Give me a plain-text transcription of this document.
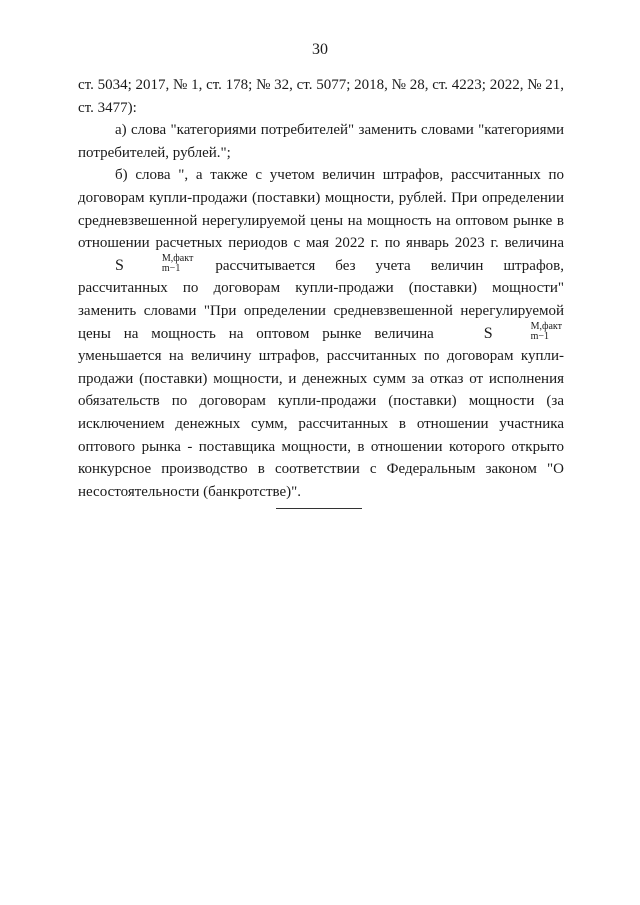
30

ст. 5034; 2017, № 1, ст. 178; № 32, ст. 5077; 2018, № 28, ст. 4223; 2022, № 21, ст. 3477):

а) слова "категориями потребителей" заменить словами "категориями потребителей, рублей.";

б) слова ", а также с учетом величин штрафов, рассчитанных по договорам купли-продажи (поставки) мощности, рублей. При определении средневзвешенной нерегулируемой цены на мощность на оптовом рынке в отношении расчетных периодов с мая 2022 г. по январь 2023 г. величина S	М,факт
m−1	рассчитывается без учета величин штрафов, рассчитанных по договорам купли-продажи (поставки) мощности" заменить словами "При определении средневзвешенной нерегулируемой цены на мощность на оптовом рынке величина	S	М,факт
m−1
уменьшается на величину штрафов, рассчитанных по договорам купли-продажи (поставки) мощности, и денежных сумм за отказ от исполнения обязательств по договорам купли-продажи (поставки) мощности (за исключением денежных сумм, рассчитанных в отношении участника оптового рынка - поставщика мощности, в отношении которого открыто конкурсное производство в соответствии с Федеральным законом "О несостоятельности (банкротстве)".
